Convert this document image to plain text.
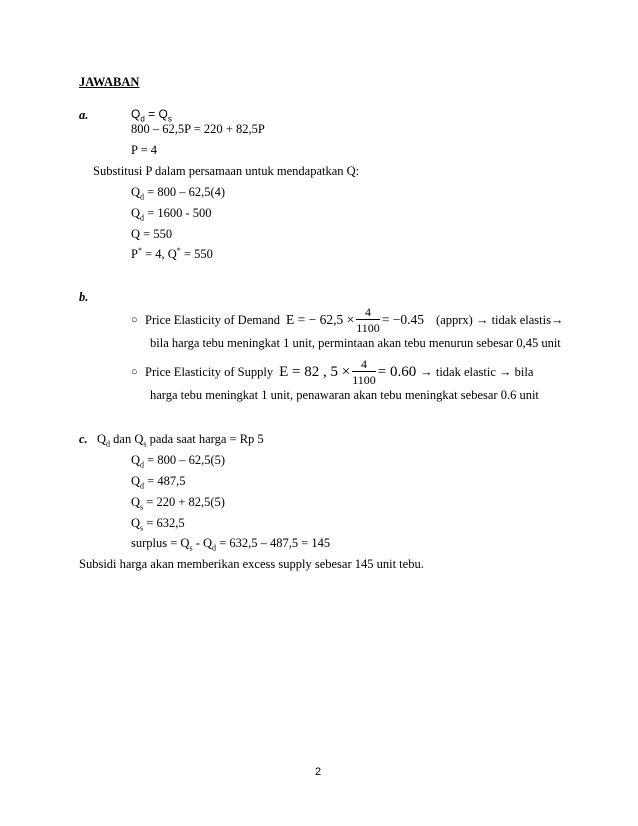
JAWABAN
a.	$Q_d = Q_s$
800 – 62,5P = 220 + 82,5P
P = 4
Substitusi P dalam persamaan untuk mendapatkan Q:
$Q_d = 800 - 62,5(4)$
$Q_d = 1600 - 500$
Q = 550
P* = 4, Q* = 550
b.
○ Price Elasticity of Demand E = − $62,5 \times \frac{4}{1100} = -0.45$ (apprx) → tidak elastis→
bila harga tebu meningkat 1 unit, permintaan akan tebu menurun sebesar 0,45 unit
○ Price Elasticity of Supply E = 82 , $5 \times \frac{4}{1100} = 0.60$ → tidak elastic → bila
harga tebu meningkat 1 unit, penawaran akan tebu meningkat sebesar 0.6 unit
c. $Q_d$ dan $Q_s$ pada saat harga = Rp 5
$Q_d = 800 - 62,5(5)$
$Q_d = 487,5$
$Q_s = 220 + 82,5(5)$
$Q_s = 632,5$
surplus = $Q_s - Q_d = 632,5 - 487,5 = 145$
Subsidi harga akan memberikan excess supply sebesar 145 unit tebu.
2
